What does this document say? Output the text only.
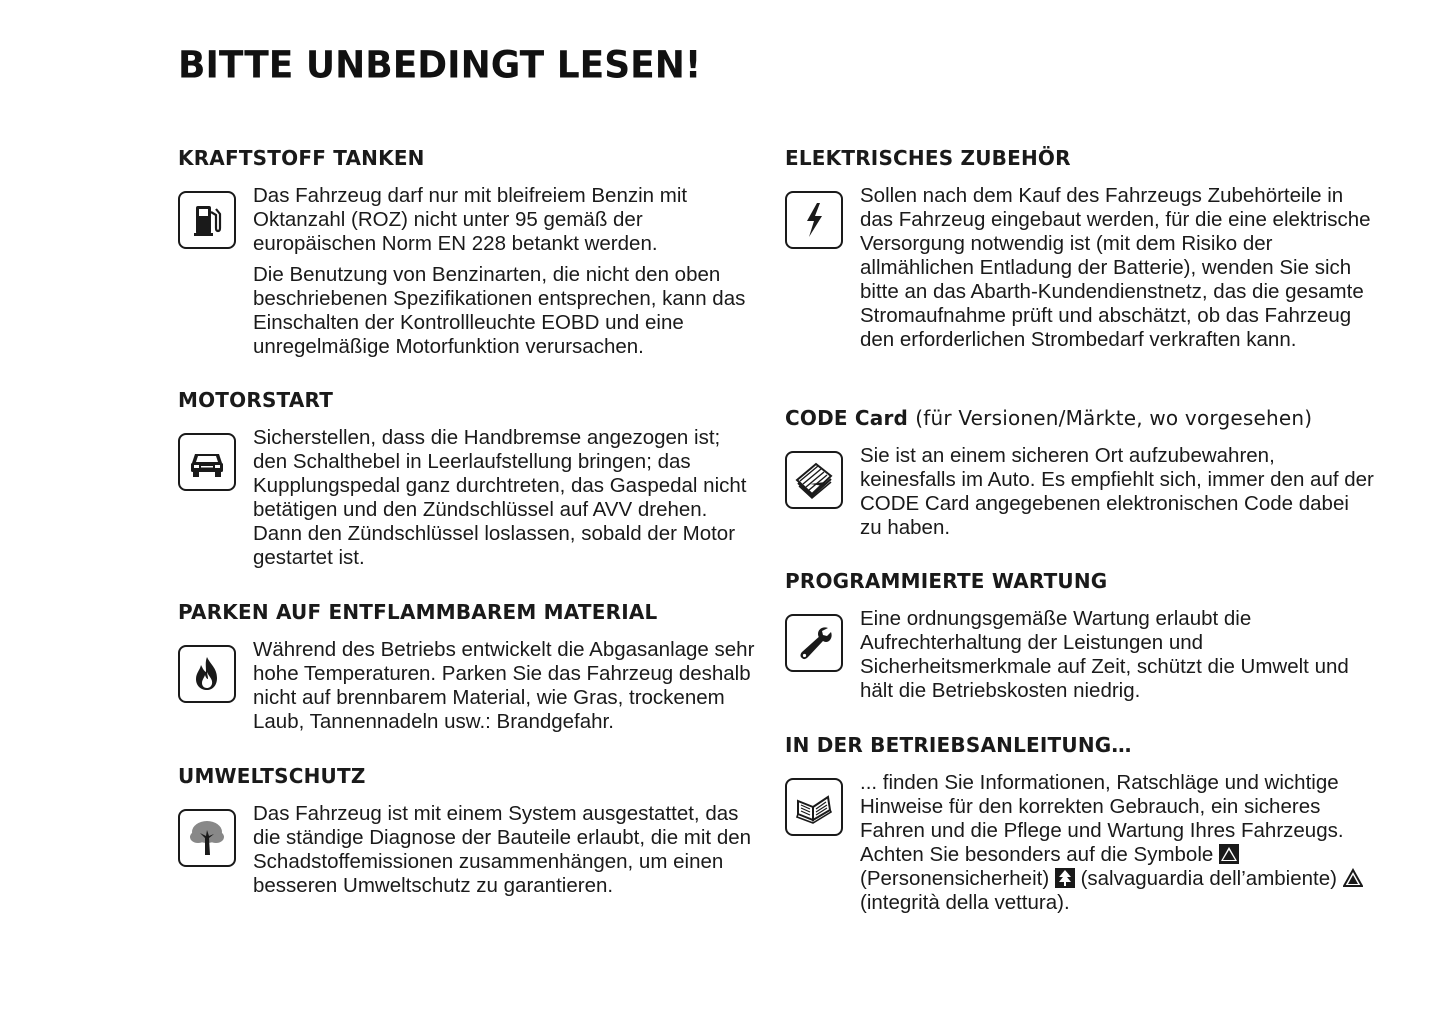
BITTE UNBEDINGT LESEN!
KRAFTSTOFF TANKEN

Das Fahrzeug darf nur mit bleifreiem Benzin mit Oktanzahl (ROZ) nicht unter 95 gemäß der europäischen Norm EN 228 betankt werden.

Die Benutzung von Benzinarten, die nicht den oben beschriebenen Spezifikationen entsprechen, kann das Einschalten der Kontrollleuchte EOBD und eine unregelmäßige Motorfunktion verursachen.

MOTORSTART

Sicherstellen, dass die Handbremse angezogen ist; den Schalthebel in Leerlaufstellung bringen; das Kupplungspedal ganz durchtreten, das Gaspedal nicht betätigen und den Zündschlüssel auf AVV drehen. Dann den Zündschlüssel loslassen, sobald der Motor gestartet ist.

PARKEN AUF ENTFLAMMBAREM MATERIAL

Während des Betriebs entwickelt die Abgasanlage sehr hohe Temperaturen. Parken Sie das Fahrzeug deshalb nicht auf brennbarem Material, wie Gras, trockenem Laub, Tannennadeln usw.: Brandgefahr.

UMWELTSCHUTZ

Das Fahrzeug ist mit einem System ausgestattet, das die ständige Diagnose der Bauteile erlaubt, die mit den Schadstoffemissionen zusammenhängen, um einen besseren Umweltschutz zu garantieren.

ELEKTRISCHES ZUBEHÖR

Sollen nach dem Kauf des Fahrzeugs Zubehörteile in das Fahrzeug eingebaut werden, für die eine elektrische Versorgung notwendig ist (mit dem Risiko der allmählichen Entladung der Batterie), wenden Sie sich bitte an das Abarth-Kundendienstnetz, das die gesamte Stromaufnahme prüft und abschätzt, ob das Fahrzeug den erforderlichen Strombedarf verkraften kann.

CODE Card (für Versionen/Märkte, wo vorgesehen)

Sie ist an einem sicheren Ort aufzubewahren, keinesfalls im Auto. Es empfiehlt sich, immer den auf der CODE Card angegebenen elektronischen Code dabei zu haben.

PROGRAMMIERTE WARTUNG

Eine ordnungsgemäße Wartung erlaubt die Aufrechterhaltung der Leistungen und Sicherheitsmerkmale auf Zeit, schützt die Umwelt und hält die Betriebskosten niedrig.

IN DER BETRIEBSANLEITUNG…

... finden Sie Informationen, Ratschläge und wichtige Hinweise für den korrekten Gebrauch, ein sicheres Fahren und die Pflege und Wartung Ihres Fahrzeugs. Achten Sie besonders auf die Symbole
(Personensicherheit) (salvaguardia dell’ambiente)
(integrità della vettura).
